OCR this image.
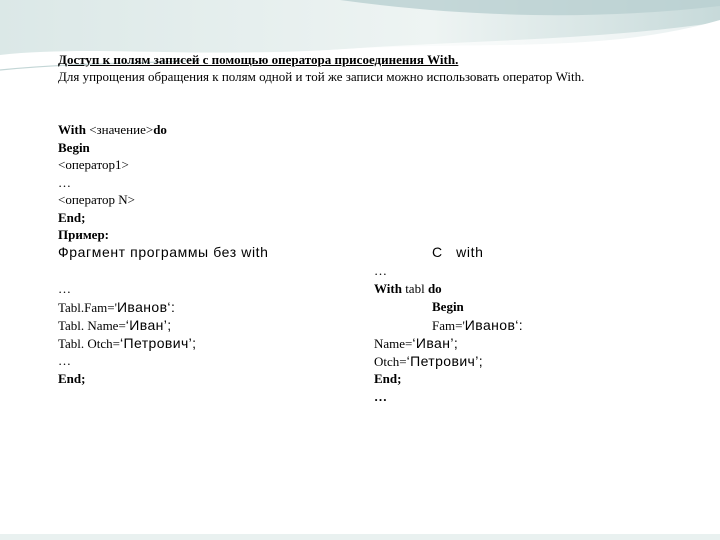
Доступ к полям записей с помощью оператора присоединения With.
Для упрощения обращения к полям одной и той же записи можно использовать оператор With.
With <значение>do
Begin
<оператор1>
…
<оператор N>
End;
Пример:
Фрагмент программы без with	С   with
…
Tabl.Fam='Иванов‘:
Tabl. Name=‘Иван’;
Tabl. Otch=‘Петрович’;
…
End;
…
With tabl do
Begin
Fam='Иванов‘:
Name=‘Иван’;
Otch=‘Петрович’;
End;
…
